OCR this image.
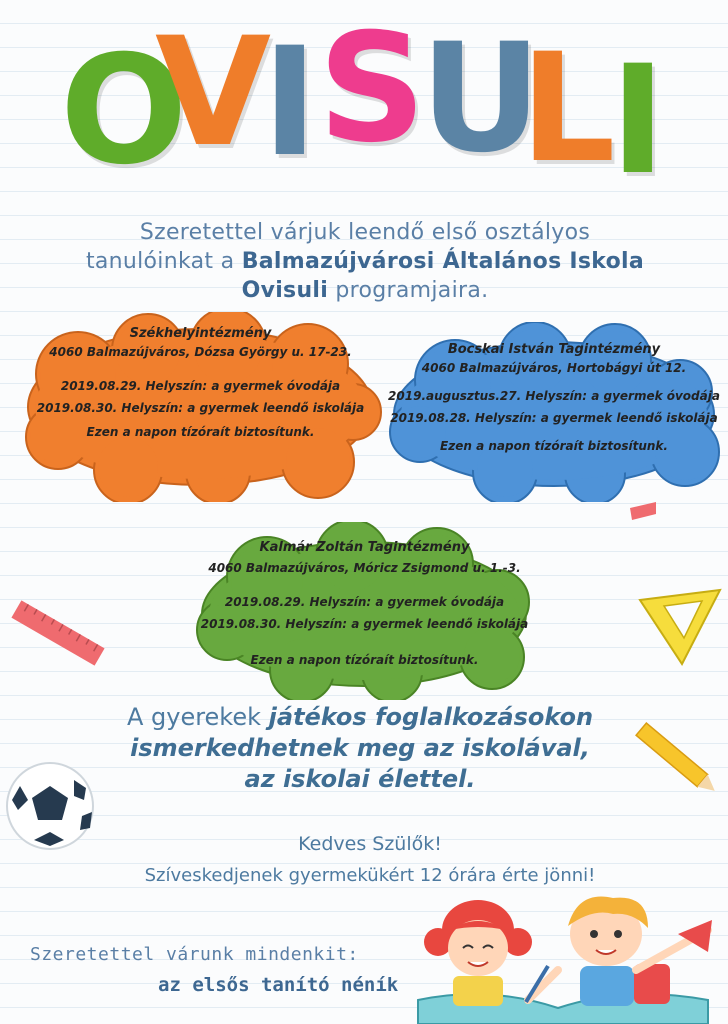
O
V
I S
U
L
I
Szeretettel várjuk leendő első osztályos
tanulóinkat a Balmazújvárosi Általános Iskola
Ovisuli programjaira.
Székhelyintézmény
4060 Balmazújváros, Dózsa György u. 17-23.
2019.08.29. Helyszín: a gyermek óvodája
2019.08.30. Helyszín: a gyermek leendő iskolája
Ezen a napon tízóraít biztosítunk.
Bocskai István Tagintézmény
4060 Balmazújváros, Hortobágyi út 12.
2019.augusztus.27. Helyszín: a gyermek óvodája
2019.08.28. Helyszín: a gyermek leendő iskolája
Ezen a napon tízóraít biztosítunk.
Kalmár Zoltán Tagintézmény
4060 Balmazújváros, Móricz Zsigmond u. 1.-3.
2019.08.29. Helyszín: a gyermek óvodája
2019.08.30. Helyszín: a gyermek leendő iskolája
Ezen a napon tízóraít biztosítunk.
A gyerekek játékos foglalkozásokon
ismerkedhetnek meg az iskolával,
az iskolai élettel.
Kedves Szülők!
Szíveskedjenek gyermekükért 12 órára érte jönni!
Szeretettel várunk mindenkit:
az elsős tanító néník
